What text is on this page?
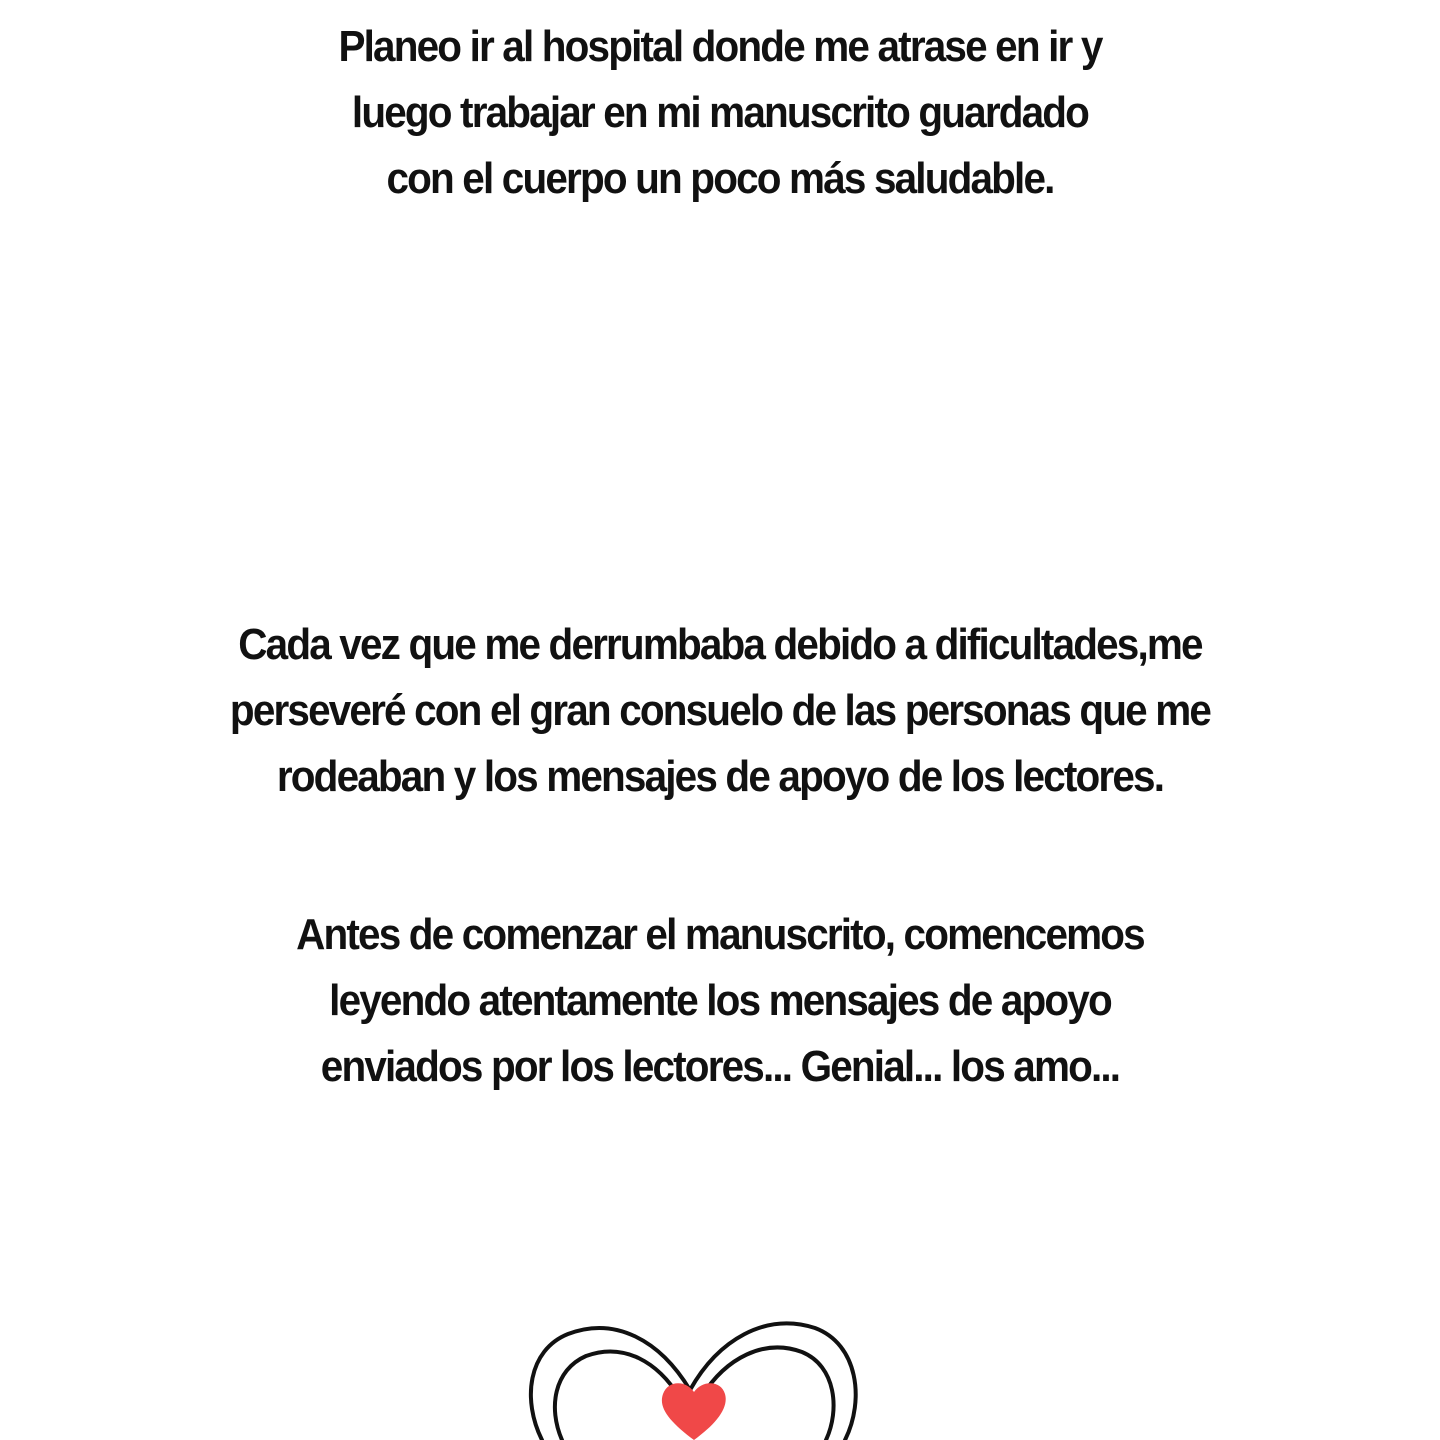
Planeo ir al hospital donde me atrase en ir y
luego trabajar en mi manuscrito guardado
con el cuerpo un poco más saludable.
Cada vez que me derrumbaba debido a dificultades,me
perseveré con el gran consuelo de las personas que me
rodeaban y los mensajes de apoyo de los lectores.
Antes de comenzar el manuscrito, comencemos
leyendo atentamente los mensajes de apoyo
enviados por los lectores... Genial... los amo...
